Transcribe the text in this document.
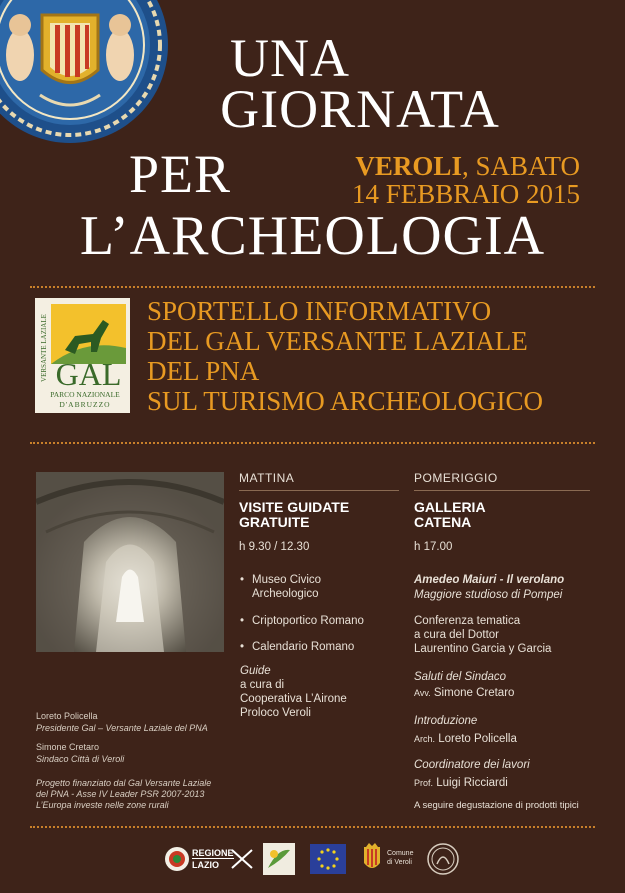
UNA
GIORNATA
PER
L’ARCHEOLOGIA
VEROLI, SABATO
14 FEBBRAIO 2015
VERSANTE LAZIALE GAL
PARCO NAZIONALE
D'ABRUZZO
SPORTELLO INFORMATIVO
DEL GAL VERSANTE LAZIALE
DEL PNA
SUL TURISMO ARCHEOLOGICO
Loreto Policella
Presidente Gal – Versante Laziale del PNA
Simone Cretaro
Sindaco Città di Veroli
Progetto finanziato dal Gal Versante Laziale
del PNA - Asse IV Leader PSR 2007-2013
L’Europa investe nelle zone rurali
MATTINA
VISITE GUIDATE
GRATUITE
h 9.30 / 12.30
• Museo Civico
Archeologico
• Criptoportico Romano
• Calendario Romano
Guide
a cura di
Cooperativa L’Airone
Proloco Veroli
POMERIGGIO
GALLERIA
CATENA
h 17.00
Amedeo Maiuri - Il verolano
Maggiore studioso di Pompei
Conferenza tematica
a cura del Dottor
Laurentino Garcia y Garcia
Saluti del Sindaco
Avv. Simone Cretaro
Introduzione
Arch. Loreto Policella
Coordinatore dei lavori
Prof. Luigi Ricciardi
A seguire degustazione di prodotti tipici
REGIONE
LAZIO
Comune
di Veroli
